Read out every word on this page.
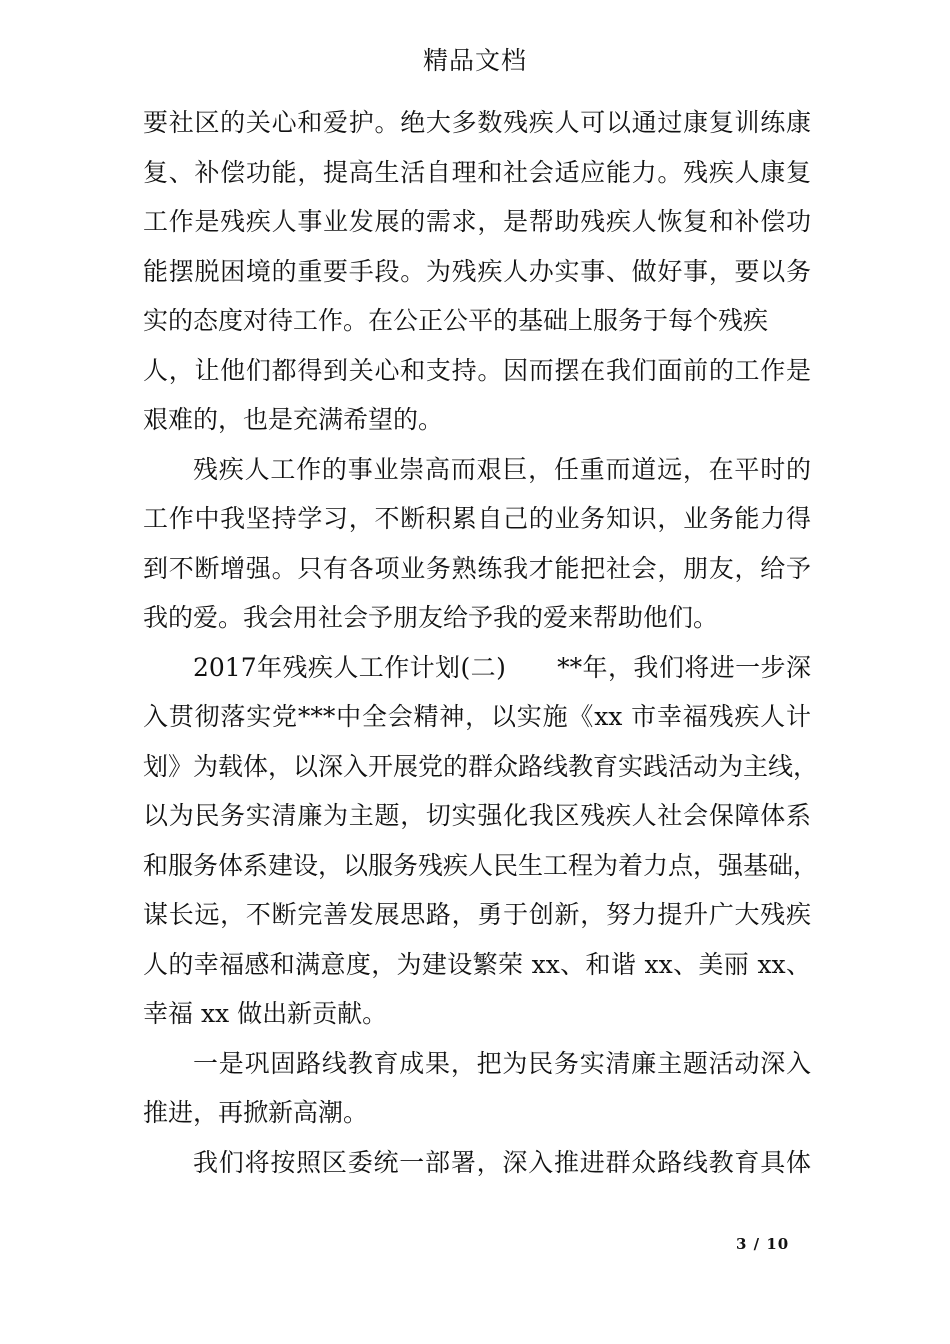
精品文档
要社区的关心和爱护。绝大多数残疾人可以通过康复训练康
复、补偿功能，提高生活自理和社会适应能力。残疾人康复
工作是残疾人事业发展的需求，是帮助残疾人恢复和补偿功
能摆脱困境的重要手段。为残疾人办实事、做好事，要以务
实的态度对待工作。在公正公平的基础上服务于每个残疾
人，让他们都得到关心和支持。因而摆在我们面前的工作是
艰难的，也是充满希望的。
残疾人工作的事业崇高而艰巨，任重而道远，在平时的
工作中我坚持学习，不断积累自己的业务知识，业务能力得
到不断增强。只有各项业务熟练我才能把社会，朋友，给予
我的爱。我会用社会予朋友给予我的爱来帮助他们。
2017年残疾人工作计划(二)　　**年，我们将进一步深
入贯彻落实党***中全会精神，以实施《xx 市幸福残疾人计
划》为载体，以深入开展党的群众路线教育实践活动为主线，
以为民务实清廉为主题，切实强化我区残疾人社会保障体系
和服务体系建设，以服务残疾人民生工程为着力点，强基础，
谋长远，不断完善发展思路，勇于创新，努力提升广大残疾
人的幸福感和满意度，为建设繁荣 xx、和谐 xx、美丽 xx、
幸福 xx 做出新贡献。
一是巩固路线教育成果，把为民务实清廉主题活动深入
推进，再掀新高潮。
我们将按照区委统一部署，深入推进群众路线教育具体
3 / 10
